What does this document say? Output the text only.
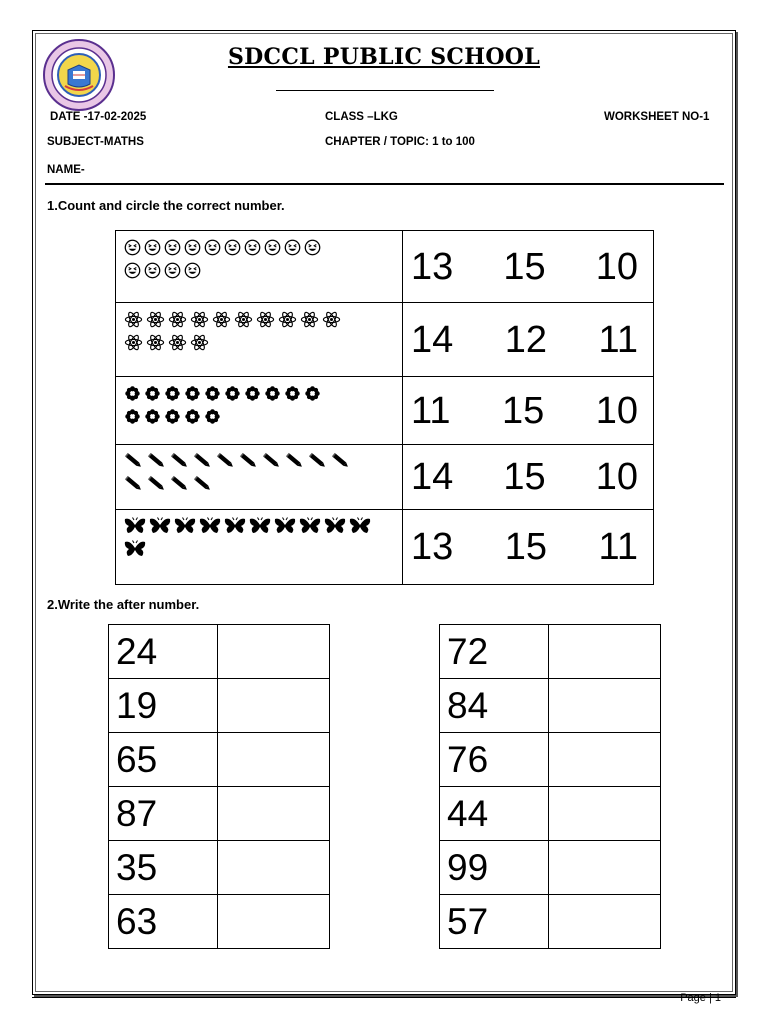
SDCCL PUBLIC SCHOOL
DATE -17-02-2025	CLASS –LKG	WORKSHEET NO-1
SUBJECT-MATHS	CHAPTER / TOPIC: 1 to 100
NAME-
1.Count and circle the correct number.

13 15 10

14 12 11

11 15 10

14 15 10

13 15 11
2.Write the after number.
24	
19	
65	
87	
35	
63	
72	
84	
76	
44	
99	
57	
Page | 1
